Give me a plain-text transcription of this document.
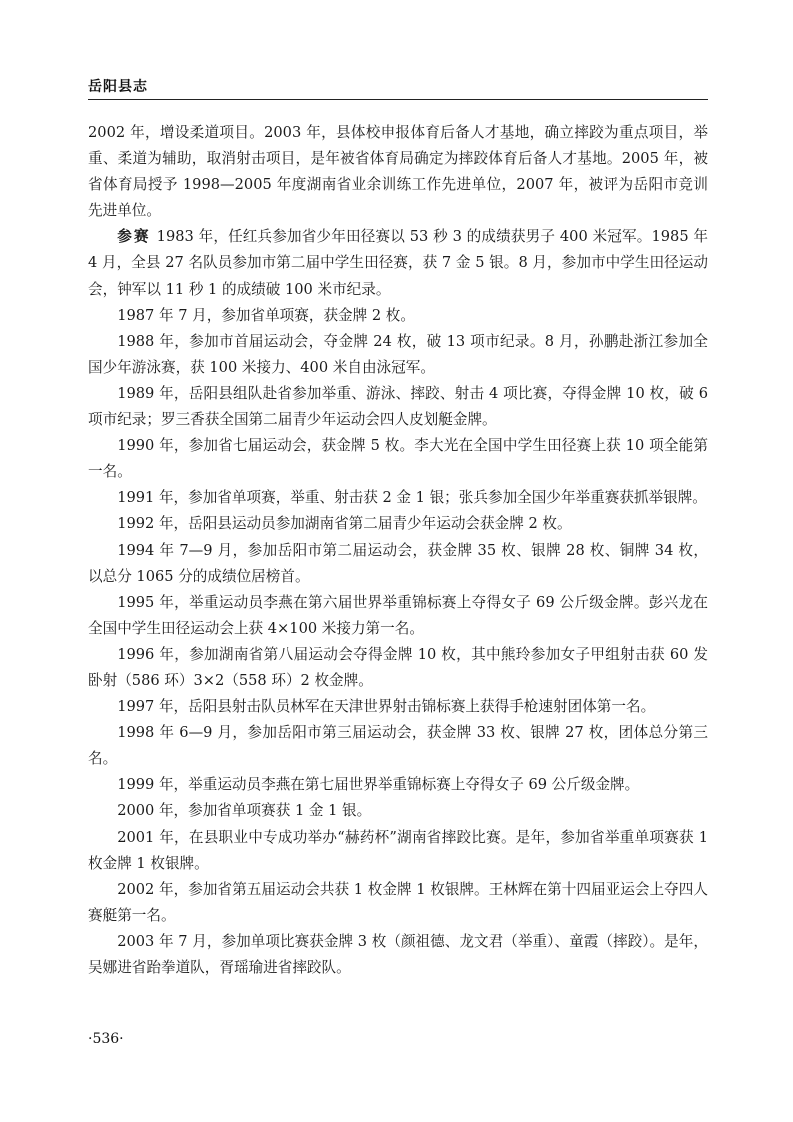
岳阳县志

2002 年，增设柔道项目。2003 年，县体校申报体育后备人才基地，确立摔跤为重点项目，举重、柔道为辅助，取消射击项目，是年被省体育局确定为摔跤体育后备人才基地。2005 年，被省体育局授予 1998—2005 年度湖南省业余训练工作先进单位，2007 年，被评为岳阳市竞训先进单位。

参赛 1983 年，任红兵参加省少年田径赛以 53 秒 3 的成绩获男子 400 米冠军。1985 年 4 月，全县 27 名队员参加市第二届中学生田径赛，获 7 金 5 银。8 月，参加市中学生田径运动会，钟军以 11 秒 1 的成绩破 100 米市纪录。

1987 年 7 月，参加省单项赛，获金牌 2 枚。

1988 年，参加市首届运动会，夺金牌 24 枚，破 13 项市纪录。8 月，孙鹏赴浙江参加全国少年游泳赛，获 100 米接力、400 米自由泳冠军。

1989 年，岳阳县组队赴省参加举重、游泳、摔跤、射击 4 项比赛，夺得金牌 10 枚，破 6 项市纪录；罗三香获全国第二届青少年运动会四人皮划艇金牌。

1990 年，参加省七届运动会，获金牌 5 枚。李大光在全国中学生田径赛上获 10 项全能第一名。

1991 年，参加省单项赛，举重、射击获 2 金 1 银；张兵参加全国少年举重赛获抓举银牌。

1992 年，岳阳县运动员参加湖南省第二届青少年运动会获金牌 2 枚。

1994 年 7—9 月，参加岳阳市第二届运动会，获金牌 35 枚、银牌 28 枚、铜牌 34 枚，以总分 1065 分的成绩位居榜首。

1995 年，举重运动员李燕在第六届世界举重锦标赛上夺得女子 69 公斤级金牌。彭兴龙在全国中学生田径运动会上获 4×100 米接力第一名。

1996 年，参加湖南省第八届运动会夺得金牌 10 枚，其中熊玲参加女子甲组射击获 60 发卧射（586 环）3×2（558 环）2 枚金牌。

1997 年，岳阳县射击队员林军在天津世界射击锦标赛上获得手枪速射团体第一名。

1998 年 6—9 月，参加岳阳市第三届运动会，获金牌 33 枚、银牌 27 枚，团体总分第三名。

1999 年，举重运动员李燕在第七届世界举重锦标赛上夺得女子 69 公斤级金牌。

2000 年，参加省单项赛获 1 金 1 银。

2001 年，在县职业中专成功举办“赫药杯”湖南省摔跤比赛。是年，参加省举重单项赛获 1 枚金牌 1 枚银牌。

2002 年，参加省第五届运动会共获 1 枚金牌 1 枚银牌。王林辉在第十四届亚运会上夺四人赛艇第一名。

2003 年 7 月，参加单项比赛获金牌 3 枚（颜祖德、龙文君（举重）、童霞（摔跤）。是年，吴娜进省跆拳道队，胥瑶瑜进省摔跤队。

·536·
